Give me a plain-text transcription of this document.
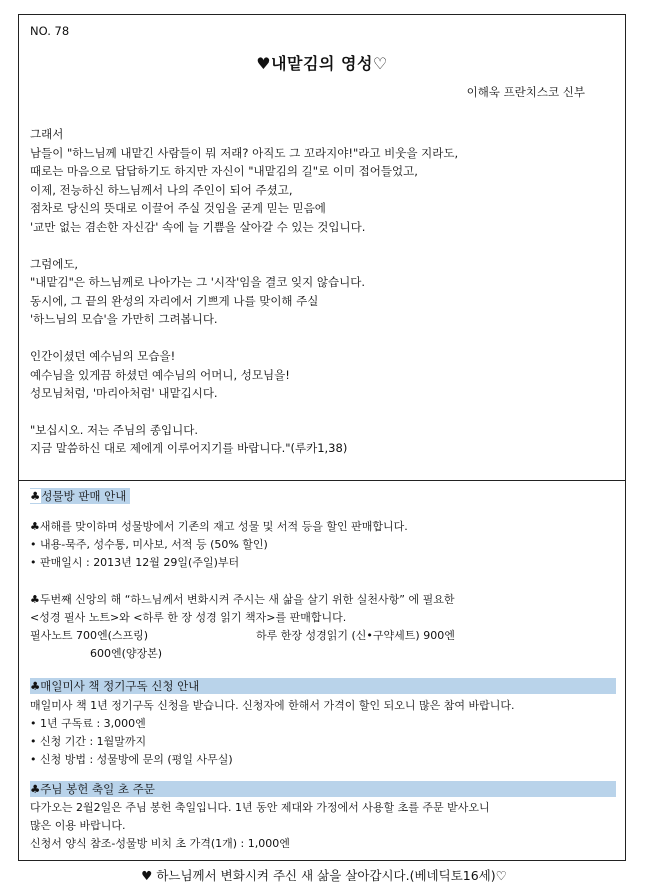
NO. 78
♥내맡김의 영성♡
이해욱 프란치스코 신부

그래서

남들이 "하느님께 내맡긴 사람들이 뭐 저래? 아직도 그 꼬라지야!"라고 비웃을 지라도,

때로는 마음으로 답답하기도 하지만 자신이 "내맡김의 길"로 이미 접어들었고,

이제, 전능하신 하느님께서 나의 주인이 되어 주셨고,

점차로 당신의 뜻대로 이끌어 주실 것임을 굳게 믿는 믿음에

'교만 없는 겸손한 자신감' 속에 늘 기쁨을 살아갈 수 있는 것입니다.

그럼에도,

"내맡김"은 하느님께로 나아가는 그 '시작'임을 결코 잊지 않습니다.

동시에, 그 끝의 완성의 자리에서 기쁘게 나를 맞이해 주실

'하느님의 모습'을 가만히 그려봅니다.

인간이셨던 예수님의 모습을!

예수님을 있게끔 하셨던 예수님의 어머니, 성모님을!

성모님처럼, '마리아처럼' 내맡깁시다.

"보십시오. 저는 주님의 종입니다.

지금 말씀하신 대로 제에게 이루어지기를 바랍니다."(루카1,38)

♣성물방 판매 안내
♣새해를 맞이하며 성물방에서 기존의 재고 성물 및 서적 등을 할인 판매합니다.
• 내용-묵주, 성수통, 미사보, 서적 등 (50% 할인)
• 판매일시 : 2013년 12월 29일(주일)부터
♣두번째 신앙의 해 “하느님께서 변화시켜 주시는 새 삶을 살기 위한 실천사항” 에 필요한
<성경 필사 노트>와 <하루 한 장 성경 읽기 책자>를 판매합니다.
필사노트 700엔(스프링)	하루 한장 성경읽기 (신•구약세트) 900엔
600엔(양장본)
♣매일미사 책 정기구독 신청 안내
매일미사 책 1년 정기구독 신청을 받습니다. 신청자에 한해서 가격이 할인 되오니 많은 참여 바랍니다.
• 1년 구독료 : 3,000엔
• 신청 기간 : 1월말까지
• 신청 방법 : 성물방에 문의 (평일 사무실)
♣주님 봉헌 축일 초 주문
다가오는 2월2일은 주님 봉헌 축일입니다. 1년 동안 제대와 가정에서 사용할 초를 주문 받사오니
많은 이용 바랍니다.
신청서 양식 참조-성물방 비치 초 가격(1개) : 1,000엔
♥ 하느님께서 변화시켜 주신 새 삶을 살아갑시다.(베네딕토16세)♡
